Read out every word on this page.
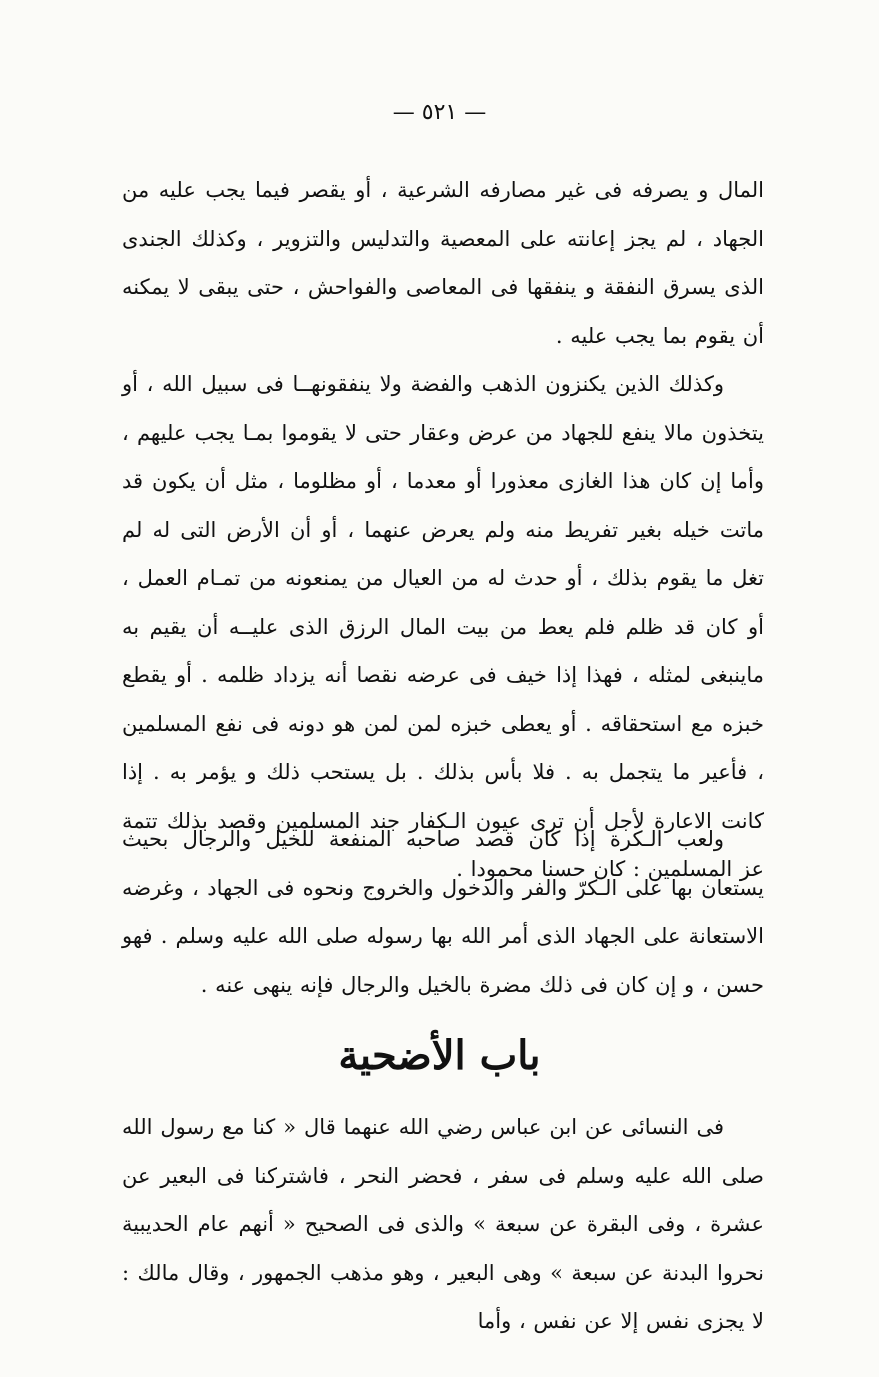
— ٥٢١ —

المال و يصرفه فى غير مصارفه الشرعية ، أو يقصر فيما يجب عليه من الجهاد ، لم يجز إعانته على المعصية والتدليس والتزوير ، وكذلك الجندى الذى يسرق النفقة و ينفقها فى المعاصى والفواحش ، حتى يبقى لا يمكنه أن يقوم بما يجب عليه .

وكذلك الذين يكنزون الذهب والفضة ولا ينفقونهــا فى سبيل الله ، أو يتخذون مالا ينفع للجهاد من عرض وعقار حتى لا يقوموا بمـا يجب عليهم ، وأما إن كان هذا الغازى معذورا أو معدما ، أو مظلوما ، مثل أن يكون قد ماتت خيله بغير تفريط منه ولم يعرض عنهما ، أو أن الأرض التى له لم تغل ما يقوم بذلك ، أو حدث له من العيال من يمنعونه من تمـام العمل ، أو كان قد ظلم فلم يعط من بيت المال الرزق الذى عليــه أن يقيم به ماينبغى لمثله ، فهذا إذا خيف فى عرضه نقصا أنه يزداد ظلمه . أو يقطع خبزه مع استحقاقه . أو يعطى خبزه لمن لمن هو دونه فى نفع المسلمين ، فأعير ما يتجمل به . فلا بأس بذلك . بل يستحب ذلك و يؤمر به . إذا كانت الاعارة لأجل أن ترى عيون الـكفار جند المسلمين وقصد بذلك تتمة عز المسلمين : كان حسنا محمودا .

ولعب الـكرة إذا كان قصد صاحبه المنفعة للخيل والرجال بحيث يستعان بها على الـكرّ والفر والدخول والخروج ونحوه فى الجهاد ، وغرضه الاستعانة على الجهاد الذى أمر الله بها رسوله صلى الله عليه وسلم . فهو حسن ، و إن كان فى ذلك مضرة بالخيل والرجال فإنه ينهى عنه .

باب الأضحية

فى النسائى عن ابن عباس رضي الله عنهما قال « كنا مع رسول الله صلى الله عليه وسلم فى سفر ، فحضر النحر ، فاشتركنا فى البعير عن عشرة ، وفى البقرة عن سبعة » والذى فى الصحيح « أنهم عام الحديبية نحروا البدنة عن سبعة » وهى البعير ، وهو مذهب الجمهور ، وقال مالك : لا يجزى نفس إلا عن نفس ، وأما
